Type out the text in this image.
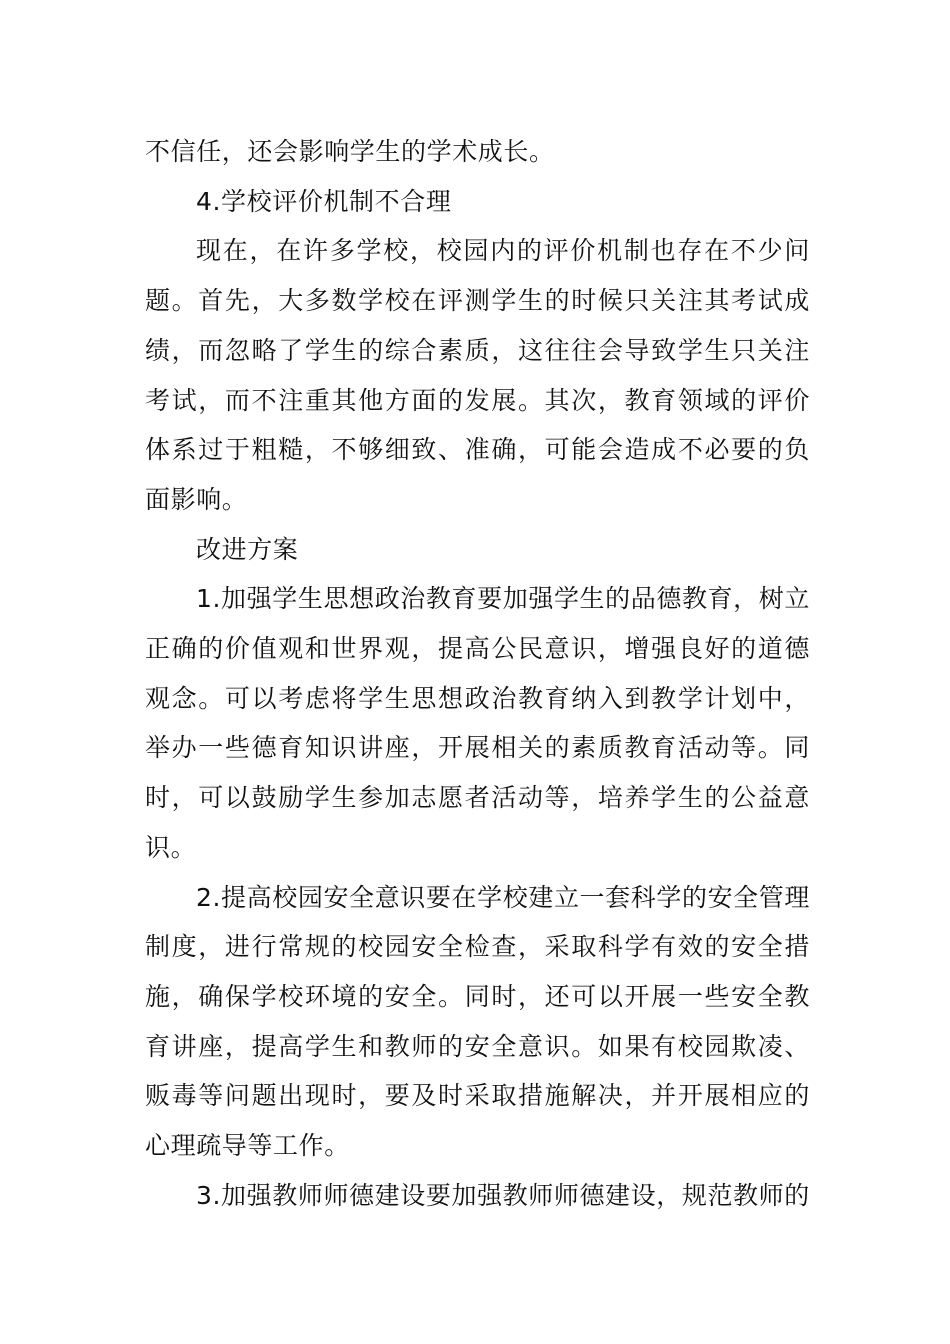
不信任，还会影响学生的学术成长。

4.学校评价机制不合理

现在，在许多学校，校园内的评价机制也存在不少问题。首先，大多数学校在评测学生的时候只关注其考试成绩，而忽略了学生的综合素质，这往往会导致学生只关注考试，而不注重其他方面的发展。其次，教育领域的评价体系过于粗糙，不够细致、准确，可能会造成不必要的负面影响。

改进方案

1.加强学生思想政治教育要加强学生的品德教育，树立正确的价值观和世界观，提高公民意识，增强良好的道德观念。可以考虑将学生思想政治教育纳入到教学计划中，举办一些德育知识讲座，开展相关的素质教育活动等。同时，可以鼓励学生参加志愿者活动等，培养学生的公益意识。

2.提高校园安全意识要在学校建立一套科学的安全管理制度，进行常规的校园安全检查，采取科学有效的安全措施，确保学校环境的安全。同时，还可以开展一些安全教育讲座，提高学生和教师的安全意识。如果有校园欺凌、贩毒等问题出现时，要及时采取措施解决，并开展相应的心理疏导等工作。

3.加强教师师德建设要加强教师师德建设，规范教师的
